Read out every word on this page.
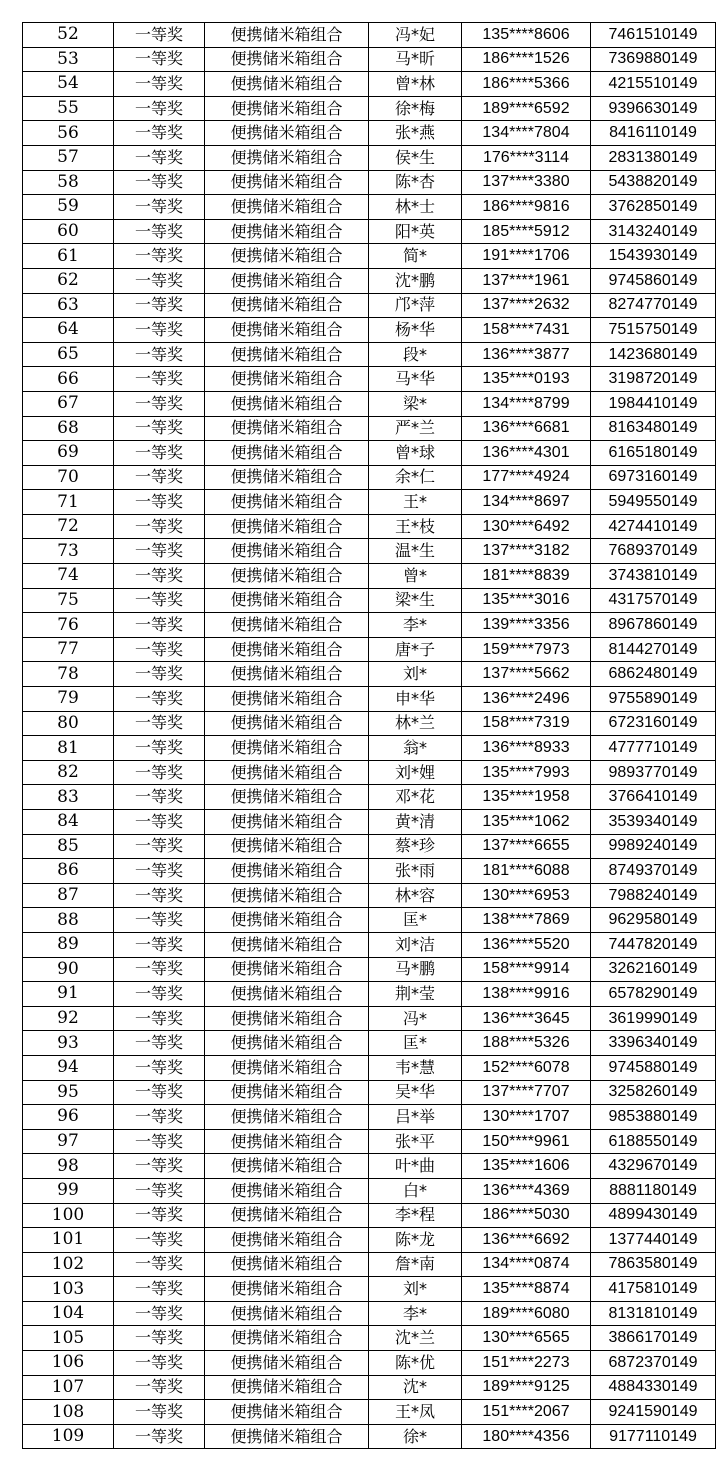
52	一等奖	便携储米箱组合	冯*妃	135****8606	7461510149
53	一等奖	便携储米箱组合	马*昕	186****1526	7369880149
54	一等奖	便携储米箱组合	曾*林	186****5366	4215510149
55	一等奖	便携储米箱组合	徐*梅	189****6592	9396630149
56	一等奖	便携储米箱组合	张*燕	134****7804	8416110149
57	一等奖	便携储米箱组合	侯*生	176****3114	2831380149
58	一等奖	便携储米箱组合	陈*杏	137****3380	5438820149
59	一等奖	便携储米箱组合	林*士	186****9816	3762850149
60	一等奖	便携储米箱组合	阳*英	185****5912	3143240149
61	一等奖	便携储米箱组合	简*	191****1706	1543930149
62	一等奖	便携储米箱组合	沈*鹏	137****1961	9745860149
63	一等奖	便携储米箱组合	邝*萍	137****2632	8274770149
64	一等奖	便携储米箱组合	杨*华	158****7431	7515750149
65	一等奖	便携储米箱组合	段*	136****3877	1423680149
66	一等奖	便携储米箱组合	马*华	135****0193	3198720149
67	一等奖	便携储米箱组合	梁*	134****8799	1984410149
68	一等奖	便携储米箱组合	严*兰	136****6681	8163480149
69	一等奖	便携储米箱组合	曾*球	136****4301	6165180149
70	一等奖	便携储米箱组合	余*仁	177****4924	6973160149
71	一等奖	便携储米箱组合	王*	134****8697	5949550149
72	一等奖	便携储米箱组合	王*枝	130****6492	4274410149
73	一等奖	便携储米箱组合	温*生	137****3182	7689370149
74	一等奖	便携储米箱组合	曾*	181****8839	3743810149
75	一等奖	便携储米箱组合	梁*生	135****3016	4317570149
76	一等奖	便携储米箱组合	李*	139****3356	8967860149
77	一等奖	便携储米箱组合	唐*子	159****7973	8144270149
78	一等奖	便携储米箱组合	刘*	137****5662	6862480149
79	一等奖	便携储米箱组合	申*华	136****2496	9755890149
80	一等奖	便携储米箱组合	林*兰	158****7319	6723160149
81	一等奖	便携储米箱组合	翁*	136****8933	4777710149
82	一等奖	便携储米箱组合	刘*娌	135****7993	9893770149
83	一等奖	便携储米箱组合	邓*花	135****1958	3766410149
84	一等奖	便携储米箱组合	黄*清	135****1062	3539340149
85	一等奖	便携储米箱组合	蔡*珍	137****6655	9989240149
86	一等奖	便携储米箱组合	张*雨	181****6088	8749370149
87	一等奖	便携储米箱组合	林*容	130****6953	7988240149
88	一等奖	便携储米箱组合	匡*	138****7869	9629580149
89	一等奖	便携储米箱组合	刘*洁	136****5520	7447820149
90	一等奖	便携储米箱组合	马*鹏	158****9914	3262160149
91	一等奖	便携储米箱组合	荆*莹	138****9916	6578290149
92	一等奖	便携储米箱组合	冯*	136****3645	3619990149
93	一等奖	便携储米箱组合	匡*	188****5326	3396340149
94	一等奖	便携储米箱组合	韦*慧	152****6078	9745880149
95	一等奖	便携储米箱组合	吴*华	137****7707	3258260149
96	一等奖	便携储米箱组合	吕*举	130****1707	9853880149
97	一等奖	便携储米箱组合	张*平	150****9961	6188550149
98	一等奖	便携储米箱组合	叶*曲	135****1606	4329670149
99	一等奖	便携储米箱组合	白*	136****4369	8881180149
100	一等奖	便携储米箱组合	李*程	186****5030	4899430149
101	一等奖	便携储米箱组合	陈*龙	136****6692	1377440149
102	一等奖	便携储米箱组合	詹*南	134****0874	7863580149
103	一等奖	便携储米箱组合	刘*	135****8874	4175810149
104	一等奖	便携储米箱组合	李*	189****6080	8131810149
105	一等奖	便携储米箱组合	沈*兰	130****6565	3866170149
106	一等奖	便携储米箱组合	陈*优	151****2273	6872370149
107	一等奖	便携储米箱组合	沈*	189****9125	4884330149
108	一等奖	便携储米箱组合	王*凤	151****2067	9241590149
109	一等奖	便携储米箱组合	徐*	180****4356	9177110149
